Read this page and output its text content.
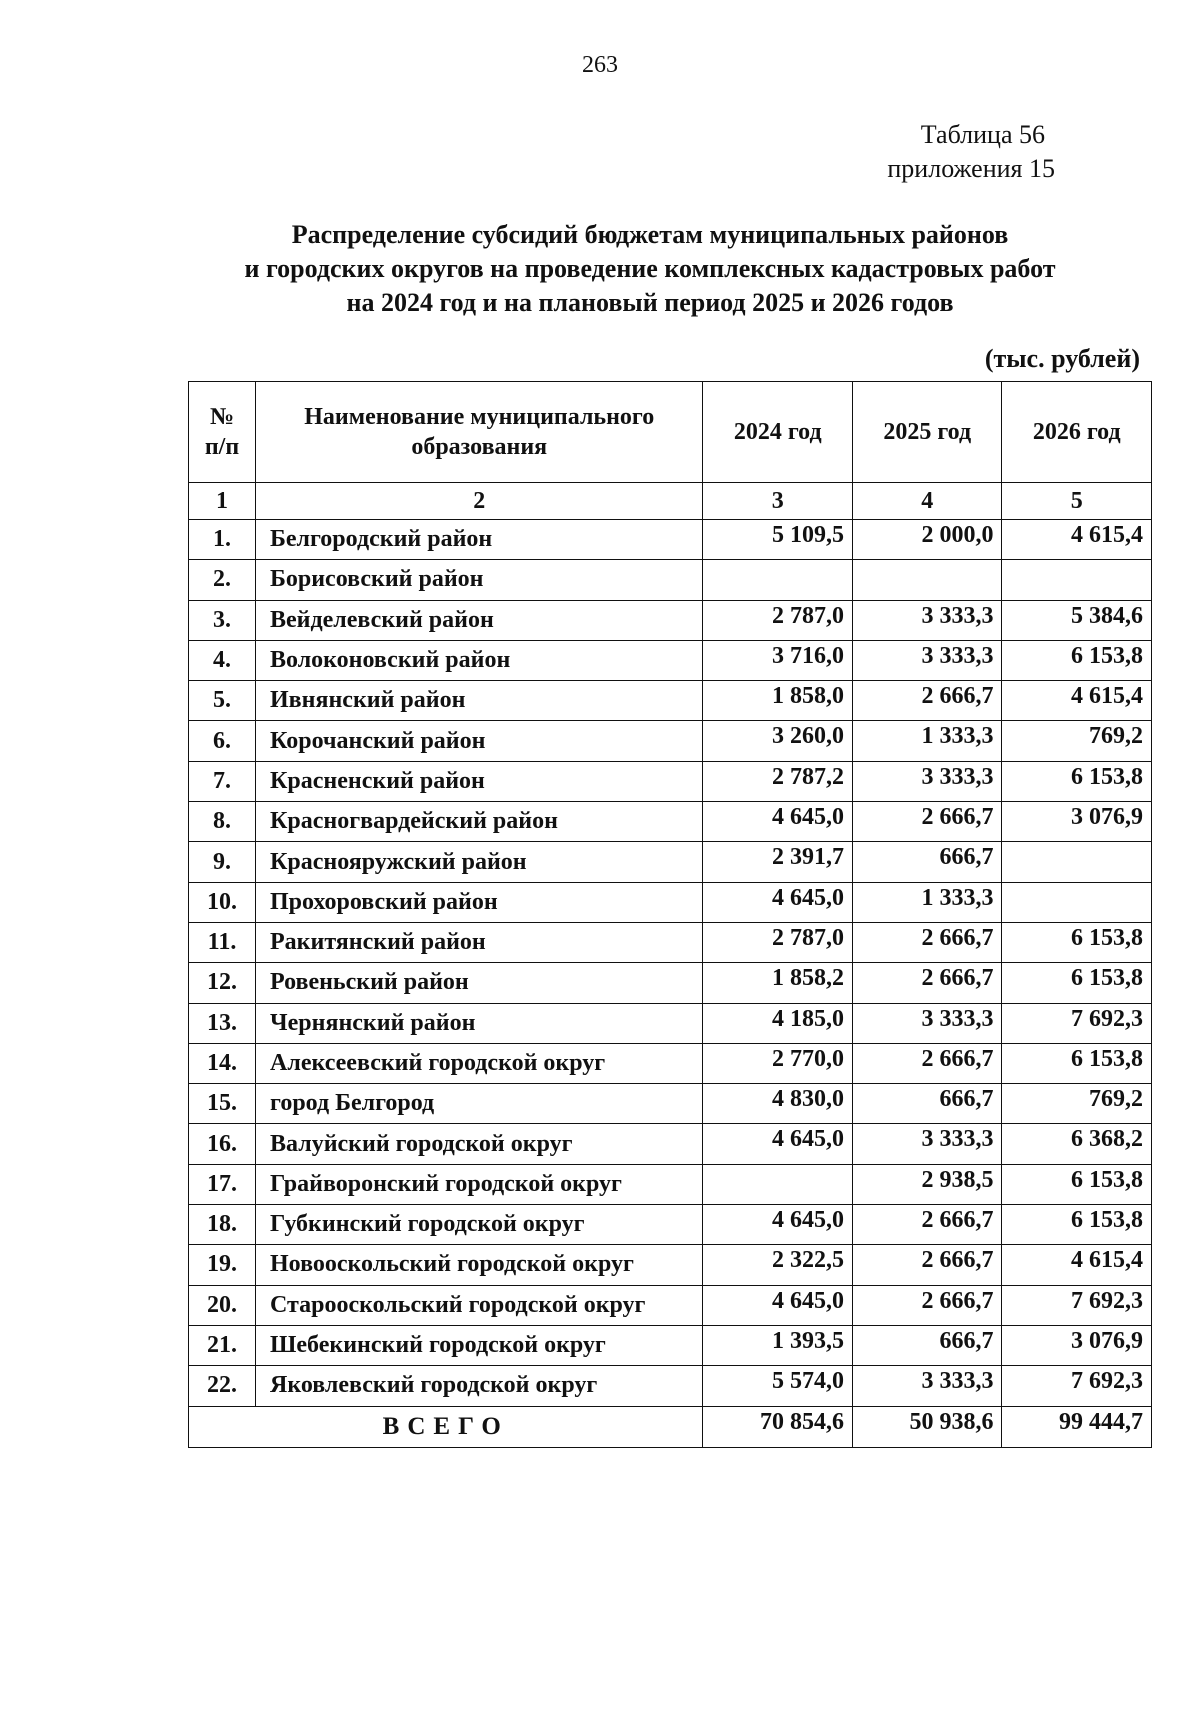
263
Таблица 56
приложения 15
Распределение субсидий бюджетам муниципальных районов
и городских округов на проведение комплексных кадастровых работ
на 2024 год и на плановый период 2025 и 2026 годов
(тыс. рублей)
№ п/п	Наименование муниципального образования	2024 год	2025 год	2026 год
1	2	3	4	5
1.	Белгородский район	5 109,5	2 000,0	4 615,4
2.	Борисовский район			
3.	Вейделевский район	2 787,0	3 333,3	5 384,6
4.	Волоконовский район	3 716,0	3 333,3	6 153,8
5.	Ивнянский район	1 858,0	2 666,7	4 615,4
6.	Корочанский район	3 260,0	1 333,3	769,2
7.	Красненский район	2 787,2	3 333,3	6 153,8
8.	Красногвардейский район	4 645,0	2 666,7	3 076,9
9.	Краснояружский район	2 391,7	666,7	
10.	Прохоровский район	4 645,0	1 333,3	
11.	Ракитянский район	2 787,0	2 666,7	6 153,8
12.	Ровеньский район	1 858,2	2 666,7	6 153,8
13.	Чернянский район	4 185,0	3 333,3	7 692,3
14.	Алексеевский городской округ	2 770,0	2 666,7	6 153,8
15.	город Белгород	4 830,0	666,7	769,2
16.	Валуйский городской округ	4 645,0	3 333,3	6 368,2
17.	Грайворонский городской округ		2 938,5	6 153,8
18.	Губкинский городской округ	4 645,0	2 666,7	6 153,8
19.	Новооскольский городской округ	2 322,5	2 666,7	4 615,4
20.	Старооскольский городской округ	4 645,0	2 666,7	7 692,3
21.	Шебекинский городской округ	1 393,5	666,7	3 076,9
22.	Яковлевский городской округ	5 574,0	3 333,3	7 692,3
ВСЕГО		70 854,6	50 938,6	99 444,7
